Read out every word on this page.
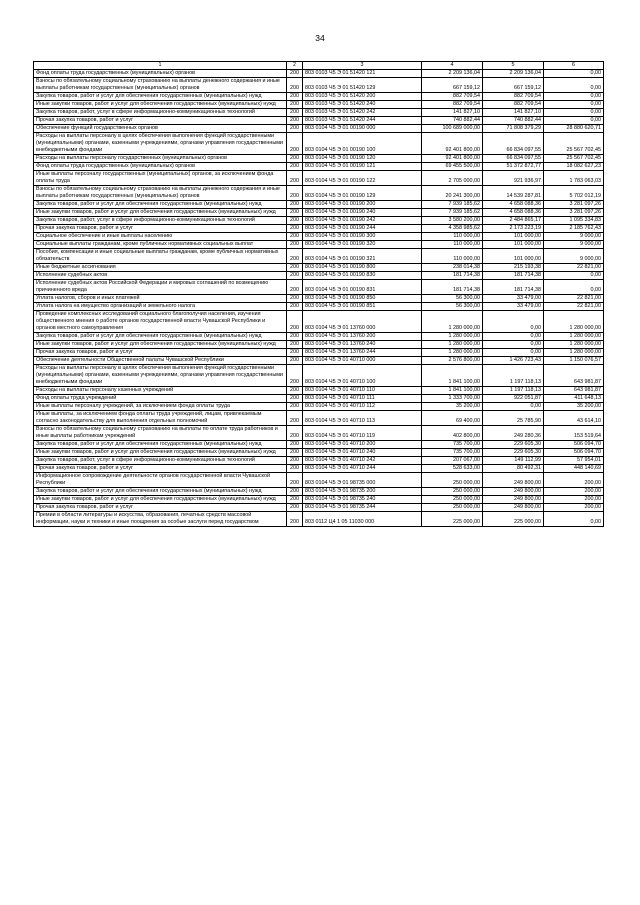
34
1	2	3	4	5	6
Фонд оплаты труда государственных (муниципальных) органов	200	803 0103 Ч5 Э 01 51420 121	2 209 136,04	2 209 136,04	0,00
Взносы по обязательному социальному страхованию на выплаты денежного содержания и иные выплаты работникам государственных (муниципальных) органов	200	803 0103 Ч5 Э 01 51420 129	667 159,12	667 159,12	0,00
Закупка товаров, работ и услуг для обеспечения государственных (муниципальных) нужд	200	803 0103 Ч5 Э 01 51420 200	882 709,54	882 709,54	0,00
Иные закупки товаров, работ и услуг для обеспечения государственных (муниципальных) нужд	200	803 0103 Ч5 Э 01 51420 240	882 709,54	882 709,54	0,00
Закупка товаров, работ, услуг в сфере информационно-коммуникационных технологий	200	803 0103 Ч5 Э 01 51420 242	141 827,10	141 827,10	0,00
Прочая закупка товаров, работ и услуг	200	803 0103 Ч5 Э 01 51420 244	740 882,44	740 882,44	0,00
Обеспечение функций государственных органов	200	803 0104 Ч5 Э 01 00190 000	100 689 000,00	71 808 379,29	28 880 620,71
Расходы на выплаты персоналу в целях обеспечения выполнения функций государственными (муниципальными) органами, казенными учреждениями, органами управления государственными внебюджетными фондами	200	803 0104 Ч5 Э 01 00190 100	92 401 800,00	66 834 097,55	25 567 702,45
Расходы на выплаты персоналу государственных (муниципальных) органов	200	803 0104 Ч5 Э 01 00190 120	92 401 800,00	66 834 097,55	25 567 702,45
Фонд оплаты труда государственных (муниципальных) органов	200	803 0104 Ч5 Э 01 00190 121	69 455 500,00	51 372 872,77	18 082 627,23
Иные выплаты персоналу государственных (муниципальных) органов, за исключением фонда оплаты труда	200	803 0104 Ч5 Э 01 00190 122	2 705 000,00	921 936,97	1 783 063,03
Взносы по обязательному социальному страхованию на выплаты денежного содержания и иные выплаты работникам государственных (муниципальных) органов	200	803 0104 Ч5 Э 01 00190 129	20 241 300,00	14 539 287,81	5 702 012,19
Закупка товаров, работ и услуг для обеспечения государственных (муниципальных) нужд	200	803 0104 Ч5 Э 01 00190 200	7 939 185,62	4 658 088,36	3 281 097,26
Иные закупки товаров, работ и услуг для обеспечения государственных (муниципальных) нужд	200	803 0104 Ч5 Э 01 00190 240	7 939 185,62	4 658 088,36	3 281 097,26
Закупка товаров, работ, услуг в сфере информационно-коммуникационных технологий	200	803 0104 Ч5 Э 01 00190 242	3 580 200,00	2 484 865,17	1 095 334,83
Прочая закупка товаров, работ и услуг	200	803 0104 Ч5 Э 01 00190 244	4 358 985,62	2 173 223,19	2 185 762,43
Социальное обеспечение и иные выплаты населению	200	803 0104 Ч5 Э 01 00190 300	110 000,00	101 000,00	9 000,00
Социальные выплаты гражданам, кроме публичных нормативных социальных выплат	200	803 0104 Ч5 Э 01 00190 320	110 000,00	101 000,00	9 000,00
Пособия, компенсации и иные социальные выплаты гражданам, кроме публичных нормативных обязательств	200	803 0104 Ч5 Э 01 00190 321	110 000,00	101 000,00	9 000,00
Иные бюджетные ассигнования	200	803 0104 Ч5 Э 01 00190 800	238 014,38	215 193,38	22 821,00
Исполнение судебных актов	200	803 0104 Ч5 Э 01 00190 830	181 714,38	181 714,38	0,00
Исполнение судебных актов Российской Федерации и мировых соглашений по возмещению причиненного вреда	200	803 0104 Ч5 Э 01 00190 831	181 714,38	181 714,38	0,00
Уплата налогов, сборов и иных платежей	200	803 0104 Ч5 Э 01 00190 850	56 300,00	33 479,00	22 821,00
Уплата налога на имущество организаций и земельного налога	200	803 0104 Ч5 Э 01 00190 851	56 300,00	33 479,00	22 821,00
Проведение комплексных исследований социального благополучия населения, изучения общественного мнения о работе органов государственной власти Чувашской Республики и органов местного самоуправления	200	803 0104 Ч5 Э 01 13760 000	1 280 000,00	0,00	1 280 000,00
Закупка товаров, работ и услуг для обеспечения государственных (муниципальных) нужд	200	803 0104 Ч5 Э 01 13760 200	1 280 000,00	0,00	1 280 000,00
Иные закупки товаров, работ и услуг для обеспечения государственных (муниципальных) нужд	200	803 0104 Ч5 Э 01 13760 240	1 280 000,00	0,00	1 280 000,00
Прочая закупка товаров, работ и услуг	200	803 0104 Ч5 Э 01 13760 244	1 280 000,00	0,00	1 280 000,00
Обеспечение деятельности Общественной палаты Чувашской Республики	200	803 0104 Ч5 Э 01 40710 000	2 576 800,00	1 426 723,43	1 150 076,57
Расходы на выплаты персоналу в целях обеспечения выполнения функций государственными (муниципальными) органами, казенными учреждениями, органами управления государственными внебюджетными фондами	200	803 0104 Ч5 Э 01 40710 100	1 841 100,00	1 197 118,13	643 981,87
Расходы на выплаты персоналу казенных учреждений	200	803 0104 Ч5 Э 01 40710 110	1 841 100,00	1 197 118,13	643 981,87
Фонд оплаты труда учреждений	200	803 0104 Ч5 Э 01 40710 111	1 333 700,00	922 051,87	411 648,13
Иные выплаты персоналу учреждений, за исключением фонда оплаты труда	200	803 0104 Ч5 Э 01 40710 112	35 200,00	0,00	35 200,00
Иные выплаты, за исключением фонда оплаты труда учреждений, лицам, привлекаемым согласно законодательству для выполнения отдельных полномочий	200	803 0104 Ч5 Э 01 40710 113	69 400,00	25 785,90	43 614,10
Взносы по обязательному социальному страхованию на выплаты по оплате труда работников и иные выплаты работникам учреждений	200	803 0104 Ч5 Э 01 40710 119	402 800,00	249 280,36	153 519,64
Закупка товаров, работ и услуг для обеспечения государственных (муниципальных) нужд	200	803 0104 Ч5 Э 01 40710 200	735 700,00	229 605,30	506 094,70
Иные закупки товаров, работ и услуг для обеспечения государственных (муниципальных) нужд	200	803 0104 Ч5 Э 01 40710 240	735 700,00	229 605,30	506 094,70
Закупка товаров, работ, услуг в сфере информационно-коммуникационных технологий	200	803 0104 Ч5 Э 01 40710 242	207 067,00	149 112,99	57 954,01
Прочая закупка товаров, работ и услуг	200	803 0104 Ч5 Э 01 40710 244	528 633,00	80 492,31	448 140,69
Информационное сопровождение деятельности органов государственной власти Чувашской Республики	200	803 0104 Ч5 Э 01 98735 000	250 000,00	249 800,00	200,00
Закупка товаров, работ и услуг для обеспечения государственных (муниципальных) нужд	200	803 0104 Ч5 Э 01 98735 200	250 000,00	249 800,00	200,00
Иные закупки товаров, работ и услуг для обеспечения государственных (муниципальных) нужд	200	803 0104 Ч5 Э 01 98735 240	250 000,00	249 800,00	200,00
Прочая закупка товаров, работ и услуг	200	803 0104 Ч5 Э 01 98735 244	250 000,00	249 800,00	200,00
Премии в области литературы и искусства, образования, печатных средств массовой информации, науки и техники и иные поощрения за особые заслуги перед государством	200	803 0112 Ц4 1 05 11030 000	225 000,00	225 000,00	0,00
